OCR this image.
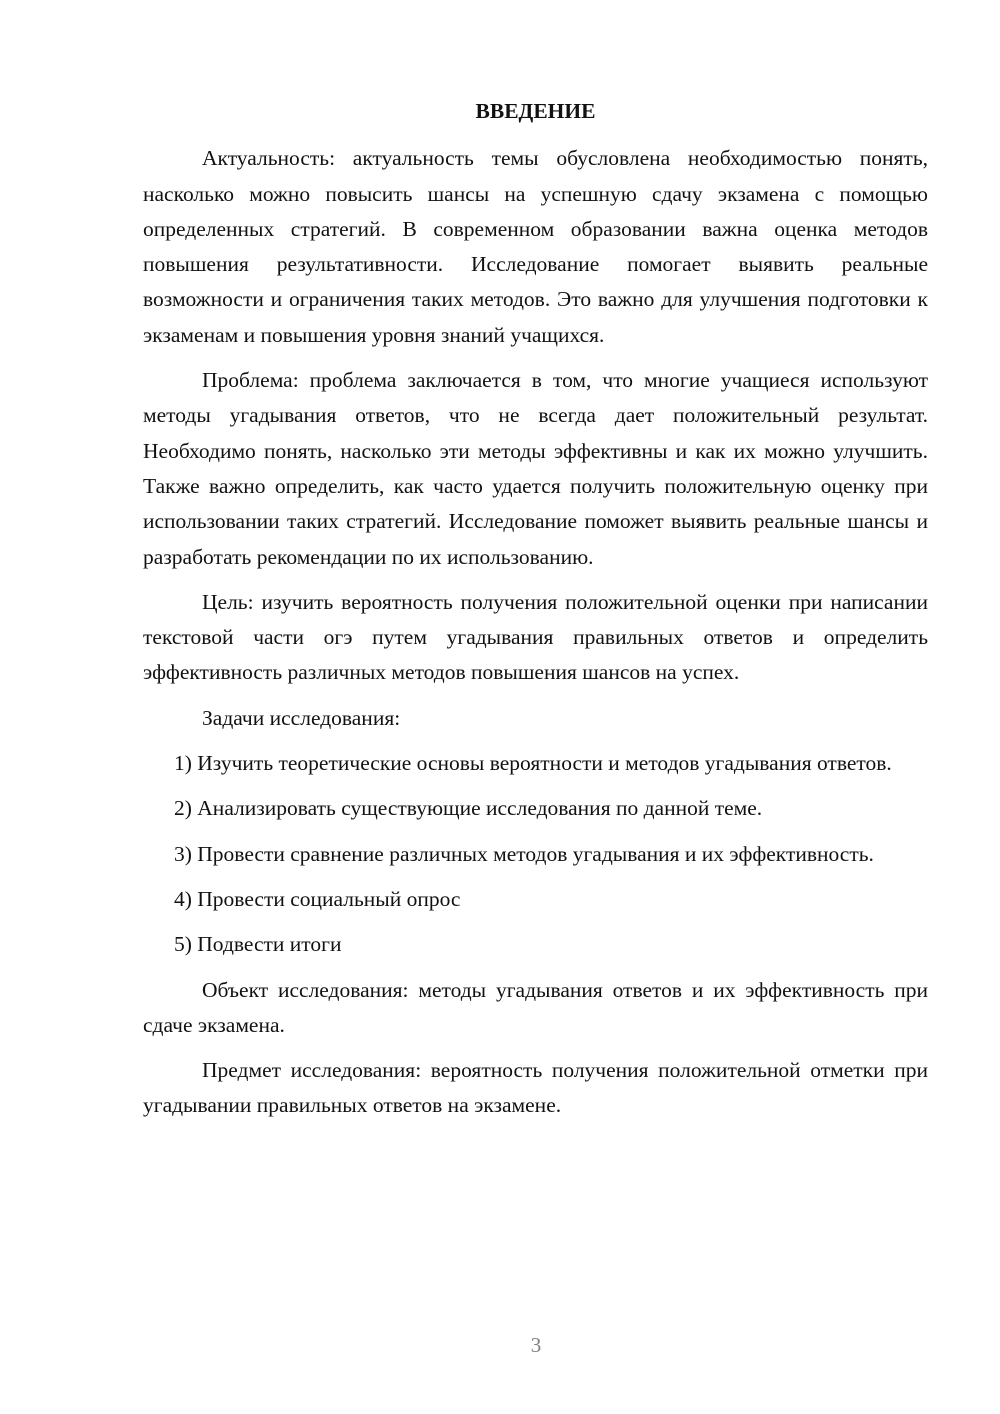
ВВЕДЕНИЕ

Актуальность: актуальность темы обусловлена необходимостью понять, насколько можно повысить шансы на успешную сдачу экзамена с помощью определенных стратегий. В современном образовании важна оценка методов повышения результативности. Исследование помогает выявить реальные возможности и ограничения таких методов. Это важно для улучшения подготовки к экзаменам и повышения уровня знаний учащихся.

Проблема: проблема заключается в том, что многие учащиеся используют методы угадывания ответов, что не всегда дает положительный результат. Необходимо понять, насколько эти методы эффективны и как их можно улучшить. Также важно определить, как часто удается получить положительную оценку при использовании таких стратегий. Исследование поможет выявить реальные шансы и разработать рекомендации по их использованию.

Цель: изучить вероятность получения положительной оценки при написании текстовой части огэ путем угадывания правильных ответов и определить эффективность различных методов повышения шансов на успех.

Задачи исследования:

1) Изучить теоретические основы вероятности и методов угадывания ответов.

2) Анализировать существующие исследования по данной теме.

3) Провести сравнение различных методов угадывания и их эффективность.

4) Провести социальный опрос

5) Подвести итоги

Объект исследования: методы угадывания ответов и их эффективность при сдаче экзамена.

Предмет исследования: вероятность получения положительной отметки при угадывании правильных ответов на экзамене.

3
